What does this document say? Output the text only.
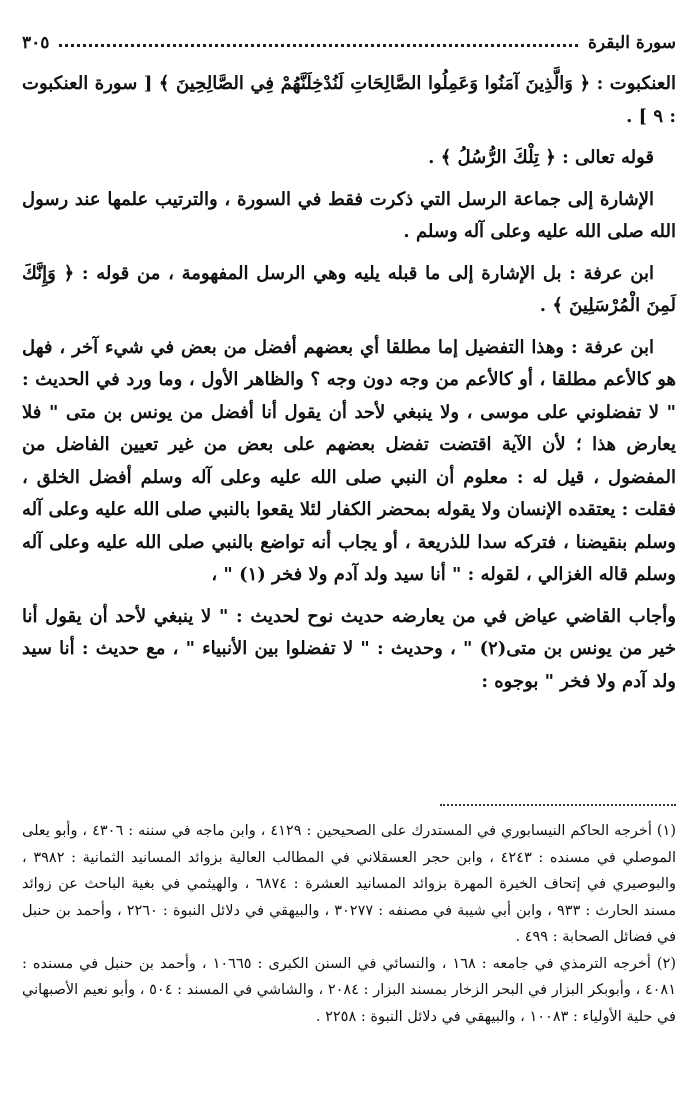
سورة البقرة
٣٠٥

العنكبوت : ﴿ وَالَّذِينَ آمَنُوا وَعَمِلُوا الصَّالِحَاتِ لَنُدْخِلَنَّهُمْ فِي الصَّالِحِينَ ﴾ [ سورة العنكبوت : ٩ ] .

قوله تعالى : ﴿ تِلْكَ الرُّسُلُ ﴾ .

الإشارة إلى جماعة الرسل التي ذكرت فقط في السورة ، والترتيب علمها عند رسول الله صلى الله عليه وعلى آله وسلم .

ابن عرفة : بل الإشارة إلى ما قبله يليه وهي الرسل المفهومة ، من قوله : ﴿ وَإِنَّكَ لَمِنَ الْمُرْسَلِينَ ﴾ .

ابن عرفة : وهذا التفضيل إما مطلقا أي بعضهم أفضل من بعض في شيء آخر ، فهل هو كالأعم مطلقا ، أو كالأعم من وجه دون وجه ؟ والظاهر الأول ، وما ورد في الحديث : " لا تفضلوني على موسى ، ولا ينبغي لأحد أن يقول أنا أفضل من يونس بن متى " فلا يعارض هذا ؛ لأن الآية اقتضت تفضل بعضهم على بعض من غير تعيين الفاضل من المفضول ، قيل له : معلوم أن النبي صلى الله عليه وعلى آله وسلم أفضل الخلق ، فقلت : يعتقده الإنسان ولا يقوله بمحضر الكفار لئلا يقعوا بالنبي صلى الله عليه وعلى آله وسلم بنقيضنا ، فتركه سدا للذريعة ، أو يجاب أنه تواضع بالنبي صلى الله عليه وعلى آله وسلم قاله الغزالي ، لقوله : " أنا سيد ولد آدم ولا فخر (١) " ،

وأجاب القاضي عياض في من يعارضه حديث نوح لحديث : " لا ينبغي لأحد أن يقول أنا خير من يونس بن متى(٢) " ، وحديث : " لا تفضلوا بين الأنبياء " ، مع حديث : أنا سيد ولد آدم ولا فخر " بوجوه :

(١) أخرجه الحاكم النيسابوري في المستدرك على الصحيحين : ٤١٢٩ ، وابن ماجه في سننه : ٤٣٠٦ ، وأبو يعلى الموصلي في مسنده : ٤٢٤٣ ، وابن حجر العسقلاني في المطالب العالية بزوائد المسانيد الثمانية : ٣٩٨٢ ، والبوصيري في إتحاف الخيرة المهرة بزوائد المسانيد العشرة : ٦٨٧٤ ، والهيثمي في بغية الباحث عن زوائد مسند الحارث : ٩٣٣ ، وابن أبي شيبة في مصنفه : ٣٠٢٧٧ ، والبيهقي في دلائل النبوة : ٢٢٦٠ ، وأحمد بن حنبل في فضائل الصحابة : ٤٩٩ .

(٢) أخرجه الترمذي في جامعه : ١٦٨ ، والنسائي في السنن الكبرى : ١٠٦٦٥ ، وأحمد بن حنبل في مسنده : ٤٠٨١ ، وأبوبكر البزار في البحر الزخار بمسند البزار : ٢٠٨٤ ، والشاشي في المسند : ٥٠٤ ، وأبو نعيم الأصبهاني في حلية الأولياء : ١٠٠٨٣ ، والبيهقي في دلائل النبوة : ٢٢٥٨ .
